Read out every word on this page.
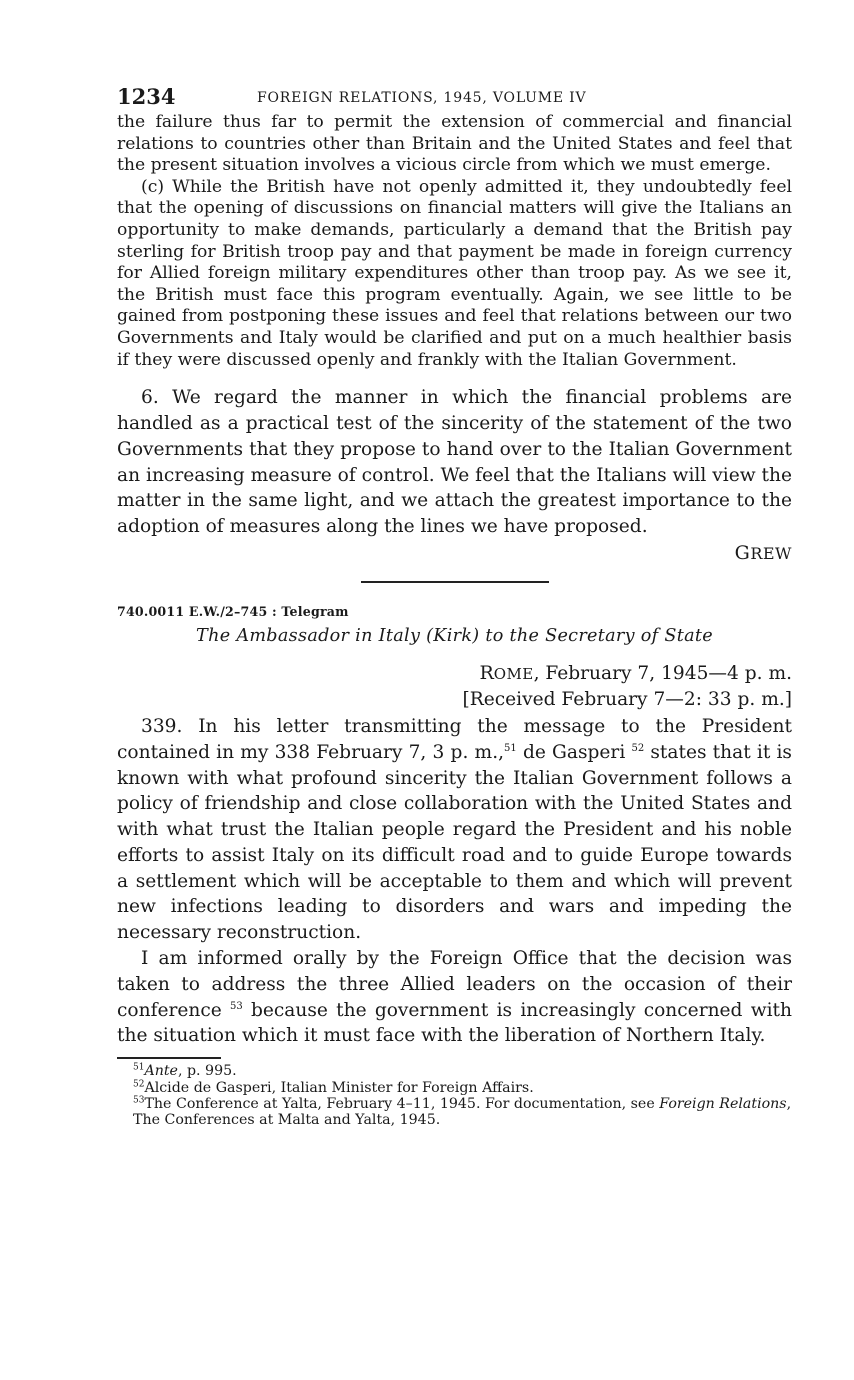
1234	FOREIGN RELATIONS, 1945, VOLUME IV

the failure thus far to permit the extension of commercial and financial relations to countries other than Britain and the United States and feel that the present situation involves a vicious circle from which we must emerge.

(c) While the British have not openly admitted it, they undoubtedly feel that the opening of discussions on financial matters will give the Italians an opportunity to make demands, particularly a demand that the British pay sterling for British troop pay and that payment be made in foreign currency for Allied foreign military expenditures other than troop pay. As we see it, the British must face this program eventually. Again, we see little to be gained from postponing these issues and feel that relations between our two Governments and Italy would be clarified and put on a much healthier basis if they were discussed openly and frankly with the Italian Government.

6. We regard the manner in which the financial problems are handled as a practical test of the sincerity of the statement of the two Governments that they propose to hand over to the Italian Government an increasing measure of control. We feel that the Italians will view the matter in the same light, and we attach the greatest importance to the adoption of measures along the lines we have proposed.

GREW
740.0011 E.W./2–745 : Telegram
The Ambassador in Italy (Kirk) to the Secretary of State
ROME, February 7, 1945—4 p. m.
[Received February 7—2: 33 p. m.]

339. In his letter transmitting the message to the President contained in my 338 February 7, 3 p. m.,$^{51}$ de Gasperi $^{52}$ states that it is known with what profound sincerity the Italian Government follows a policy of friendship and close collaboration with the United States and with what trust the Italian people regard the President and his noble efforts to assist Italy on its difficult road and to guide Europe towards a settlement which will be acceptable to them and which will prevent new infections leading to disorders and wars and impeding the necessary reconstruction.

I am informed orally by the Foreign Office that the decision was taken to address the three Allied leaders on the occasion of their conference $^{53}$ because the government is increasingly concerned with the situation which it must face with the liberation of Northern Italy.

$^{51}$Ante, p. 995.

$^{52}$Alcide de Gasperi, Italian Minister for Foreign Affairs.

$^{53}$The Conference at Yalta, February 4–11, 1945. For documentation, see Foreign Relations, The Conferences at Malta and Yalta, 1945.
